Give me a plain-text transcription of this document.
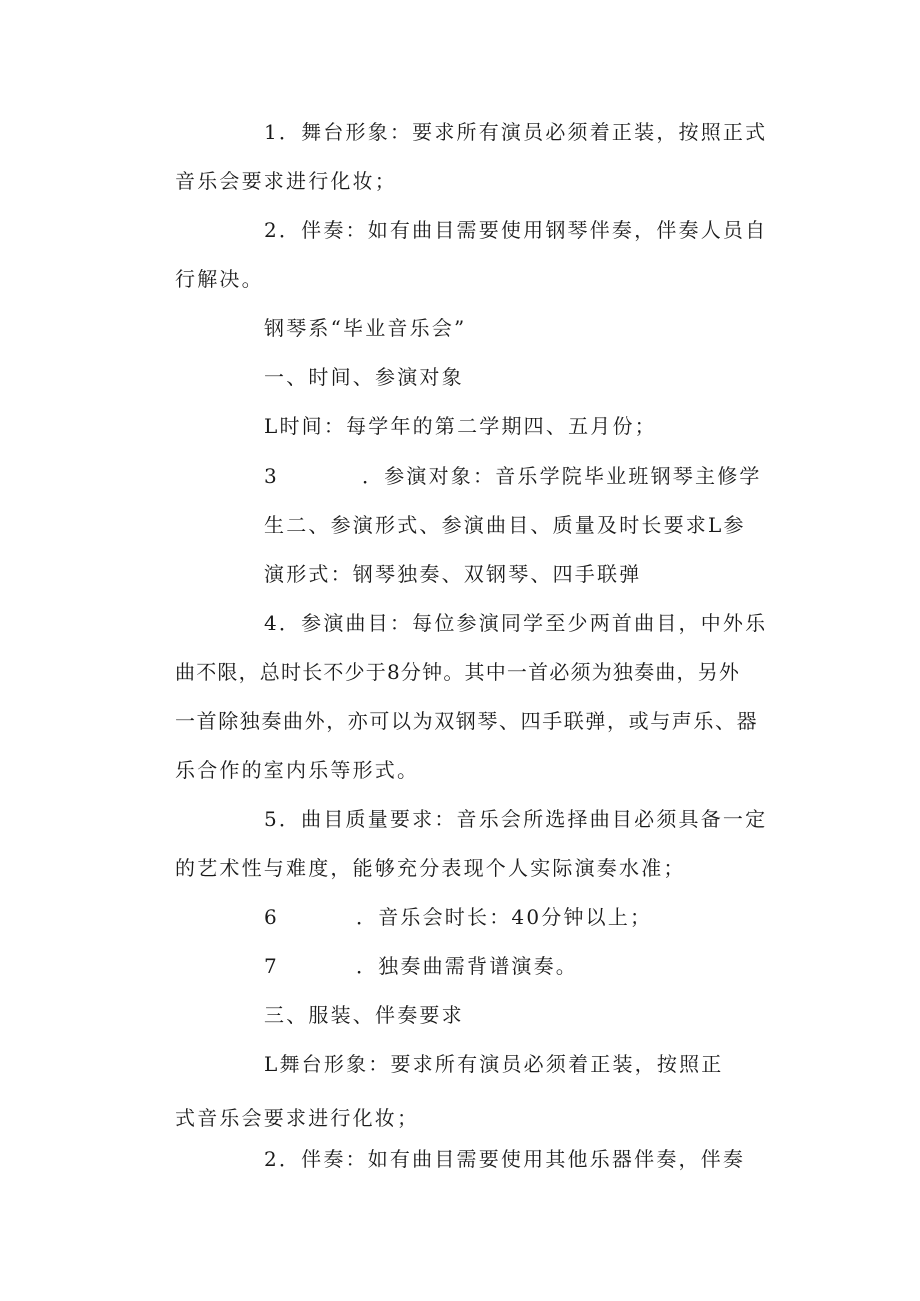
1．舞台形象：要求所有演员必须着正装，按照正式
音乐会要求进行化妆；
2．伴奏：如有曲目需要使用钢琴伴奏，伴奏人员自
行解决。
钢琴系“毕业音乐会”
一、时间、参演对象
L时间：每学年的第二学期四、五月份；
3	．参演对象：音乐学院毕业班钢琴主修学
生二、参演形式、参演曲目、质量及时长要求L参
演形式：钢琴独奏、双钢琴、四手联弹
4．参演曲目：每位参演同学至少两首曲目，中外乐
曲不限，总时长不少于8分钟。其中一首必须为独奏曲，另外
一首除独奏曲外，亦可以为双钢琴、四手联弹，或与声乐、器
乐合作的室内乐等形式。
5．曲目质量要求：音乐会所选择曲目必须具备一定
的艺术性与难度，能够充分表现个人实际演奏水准；
6	．音乐会时长：40分钟以上；
7	．独奏曲需背谱演奏。
三、服装、伴奏要求
L舞台形象：要求所有演员必须着正装，按照正
式音乐会要求进行化妆；
2．伴奏：如有曲目需要使用其他乐器伴奏，伴奏
